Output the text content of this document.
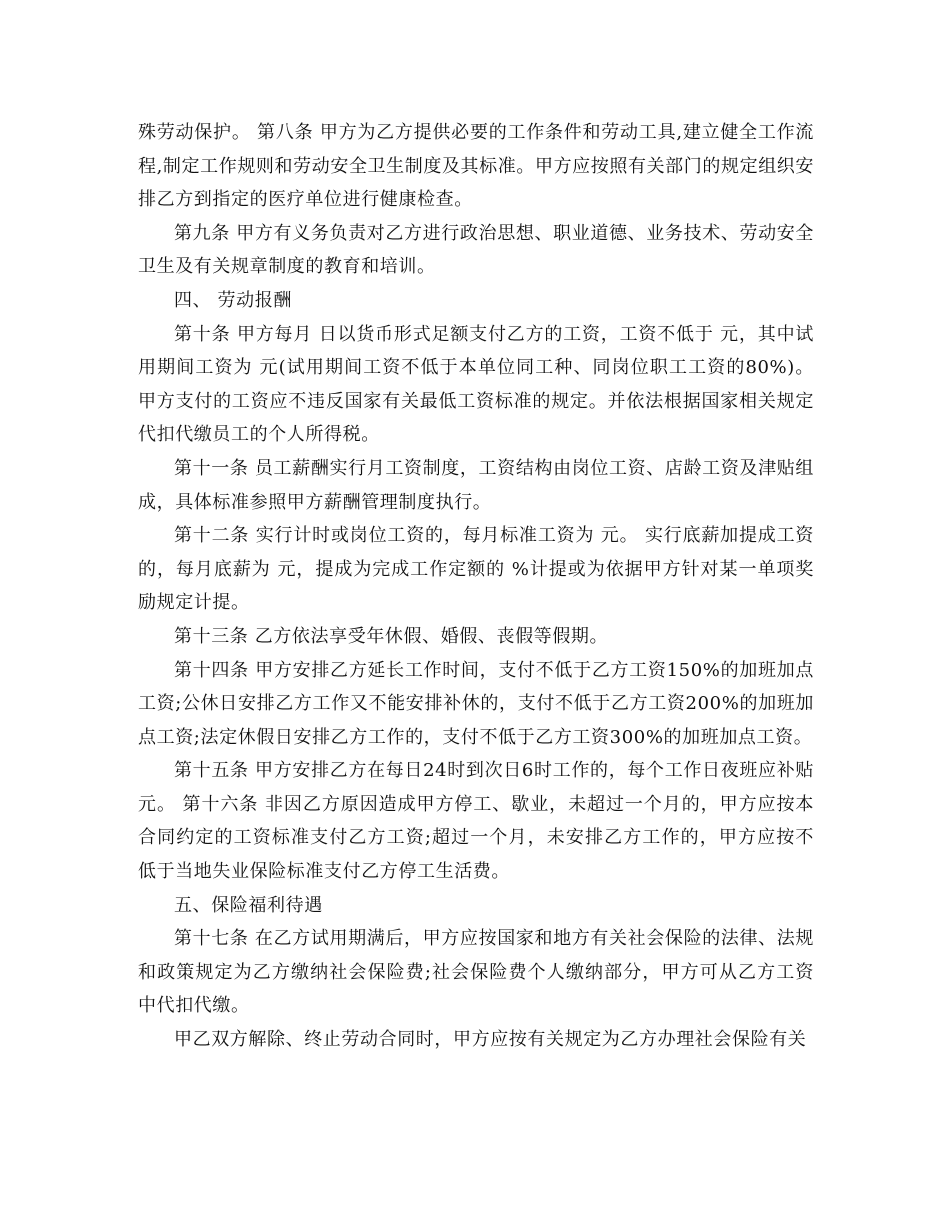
殊劳动保护。 第八条 甲方为乙方提供必要的工作条件和劳动工具,建立健全工作流程,制定工作规则和劳动安全卫生制度及其标准。甲方应按照有关部门的规定组织安排乙方到指定的医疗单位进行健康检查。

第九条 甲方有义务负责对乙方进行政治思想、职业道德、业务技术、劳动安全卫生及有关规章制度的教育和培训。

四、 劳动报酬

第十条 甲方每月 日以货币形式足额支付乙方的工资，工资不低于 元，其中试用期间工资为 元(试用期间工资不低于本单位同工种、同岗位职工工资的80%)。甲方支付的工资应不违反国家有关最低工资标准的规定。并依法根据国家相关规定代扣代缴员工的个人所得税。

第十一条 员工薪酬实行月工资制度，工资结构由岗位工资、店龄工资及津贴组成，具体标准参照甲方薪酬管理制度执行。

第十二条 实行计时或岗位工资的，每月标准工资为 元。 实行底薪加提成工资的，每月底薪为 元，提成为完成工作定额的 %计提或为依据甲方针对某一单项奖励规定计提。

第十三条 乙方依法享受年休假、婚假、丧假等假期。

第十四条 甲方安排乙方延长工作时间，支付不低于乙方工资150%的加班加点工资;公休日安排乙方工作又不能安排补休的，支付不低于乙方工资200%的加班加点工资;法定休假日安排乙方工作的，支付不低于乙方工资300%的加班加点工资。

第十五条 甲方安排乙方在每日24时到次日6时工作的，每个工作日夜班应补贴 元。 第十六条 非因乙方原因造成甲方停工、歇业，未超过一个月的，甲方应按本合同约定的工资标准支付乙方工资;超过一个月，未安排乙方工作的，甲方应按不低于当地失业保险标准支付乙方停工生活费。

五、保险福利待遇

第十七条 在乙方试用期满后，甲方应按国家和地方有关社会保险的法律、法规和政策规定为乙方缴纳社会保险费;社会保险费个人缴纳部分，甲方可从乙方工资中代扣代缴。

甲乙双方解除、终止劳动合同时，甲方应按有关规定为乙方办理社会保险有关
